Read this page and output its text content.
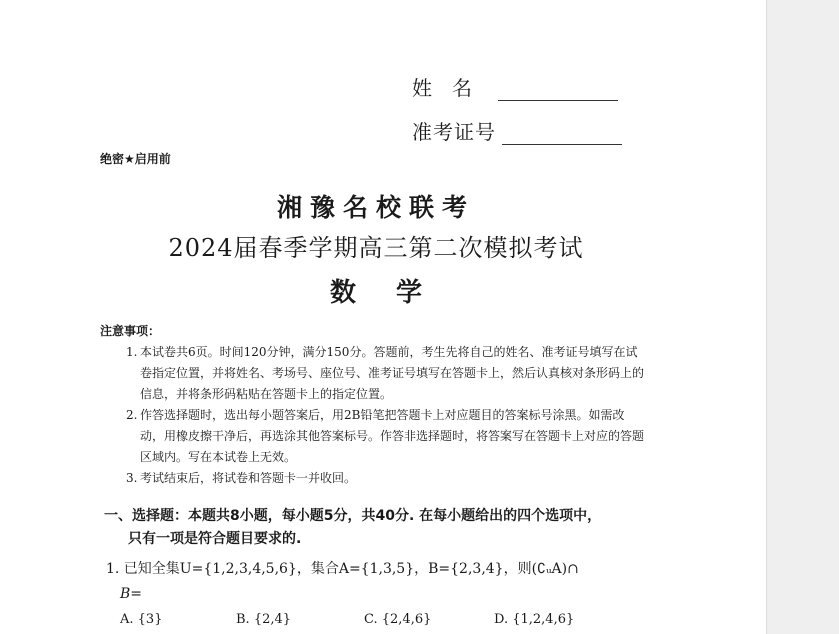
姓名
准考证号
绝密★启用前
湘豫名校联考
2024届春季学期高三第二次模拟考试
数学
注意事项：
1. 本试卷共6页。时间120分钟，满分150分。答题前，考生先将自己的姓名、准考证号填写在试卷指定位置，并将姓名、考场号、座位号、准考证号填写在答题卡上，然后认真核对条形码上的信息，并将条形码粘贴在答题卡上的指定位置。
2. 作答选择题时，选出每小题答案后，用2B铅笔把答题卡上对应题目的答案标号涂黑。如需改动，用橡皮擦干净后，再选涂其他答案标号。作答非选择题时，将答案写在答题卡上对应的答题区域内。写在本试卷上无效。
3. 考试结束后，将试卷和答题卡一并收回。
一、选择题：本题共8小题，每小题5分，共40分. 在每小题给出的四个选项中，
只有一项是符合题目要求的.
1. 已知全集U={1,2,3,4,5,6}，集合A={1,3,5}，B={2,3,4}，则(∁ᵤA)∩
B=
A. {3}	B. {2,4}	C. {2,4,6}	D. {1,2,4,6}
